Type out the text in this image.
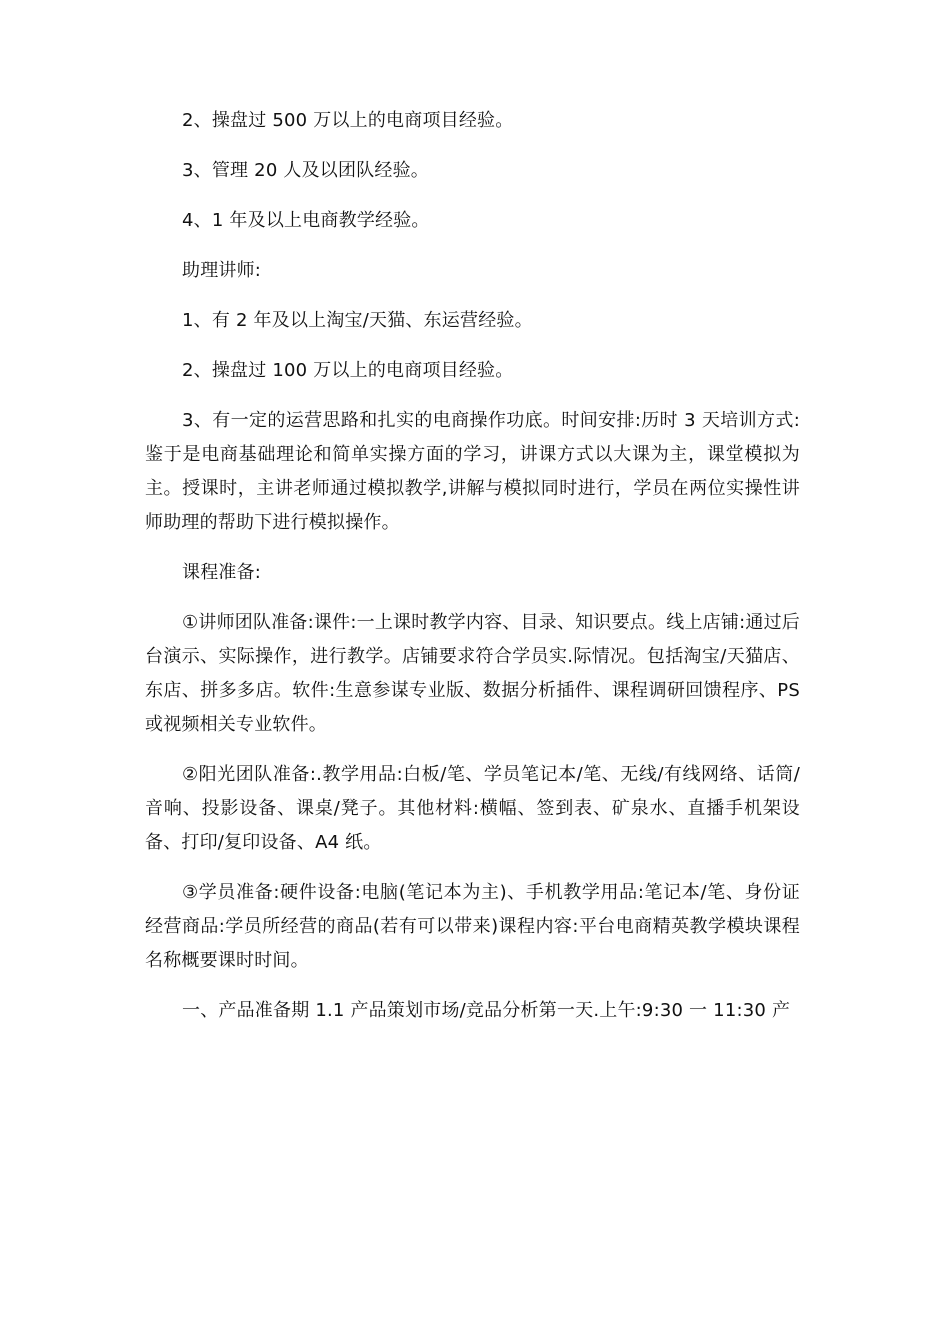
2、操盘过 500 万以上的电商项目经验。

3、管理 20 人及以团队经验。

4、1 年及以上电商教学经验。

助理讲师:

1、有 2 年及以上淘宝/天猫、东运营经验。

2、操盘过 100 万以上的电商项目经验。

3、有一定的运营思路和扎实的电商操作功底。时间安排:历时 3 天培训方式:鉴于是电商基础理论和简单实操方面的学习，讲课方式以大课为主，课堂模拟为主。授课时，主讲老师通过模拟教学,讲解与模拟同时进行，学员在两位实操性讲师助理的帮助下进行模拟操作。

课程准备:

①讲师团队准备:课件:一上课时教学内容、目录、知识要点。线上店铺:通过后台演示、实际操作，进行教学。店铺要求符合学员实.际情况。包括淘宝/天猫店、东店、拼多多店。软件:生意参谋专业版、数据分析插件、课程调研回馈程序、PS 或视频相关专业软件。

②阳光团队准备:.教学用品:白板/笔、学员笔记本/笔、无线/有线网络、话筒/音响、投影设备、课桌/凳子。其他材料:横幅、签到表、矿泉水、直播手机架设备、打印/复印设备、A4 纸。

③学员准备:硬件设备:电脑(笔记本为主)、手机教学用品:笔记本/笔、身份证经营商品:学员所经营的商品(若有可以带来)课程内容:平台电商精英教学模块课程名称概要课时时间。

一、产品准备期 1.1 产品策划市场/竞品分析第一天.上午:9:30 一 11:30 产
